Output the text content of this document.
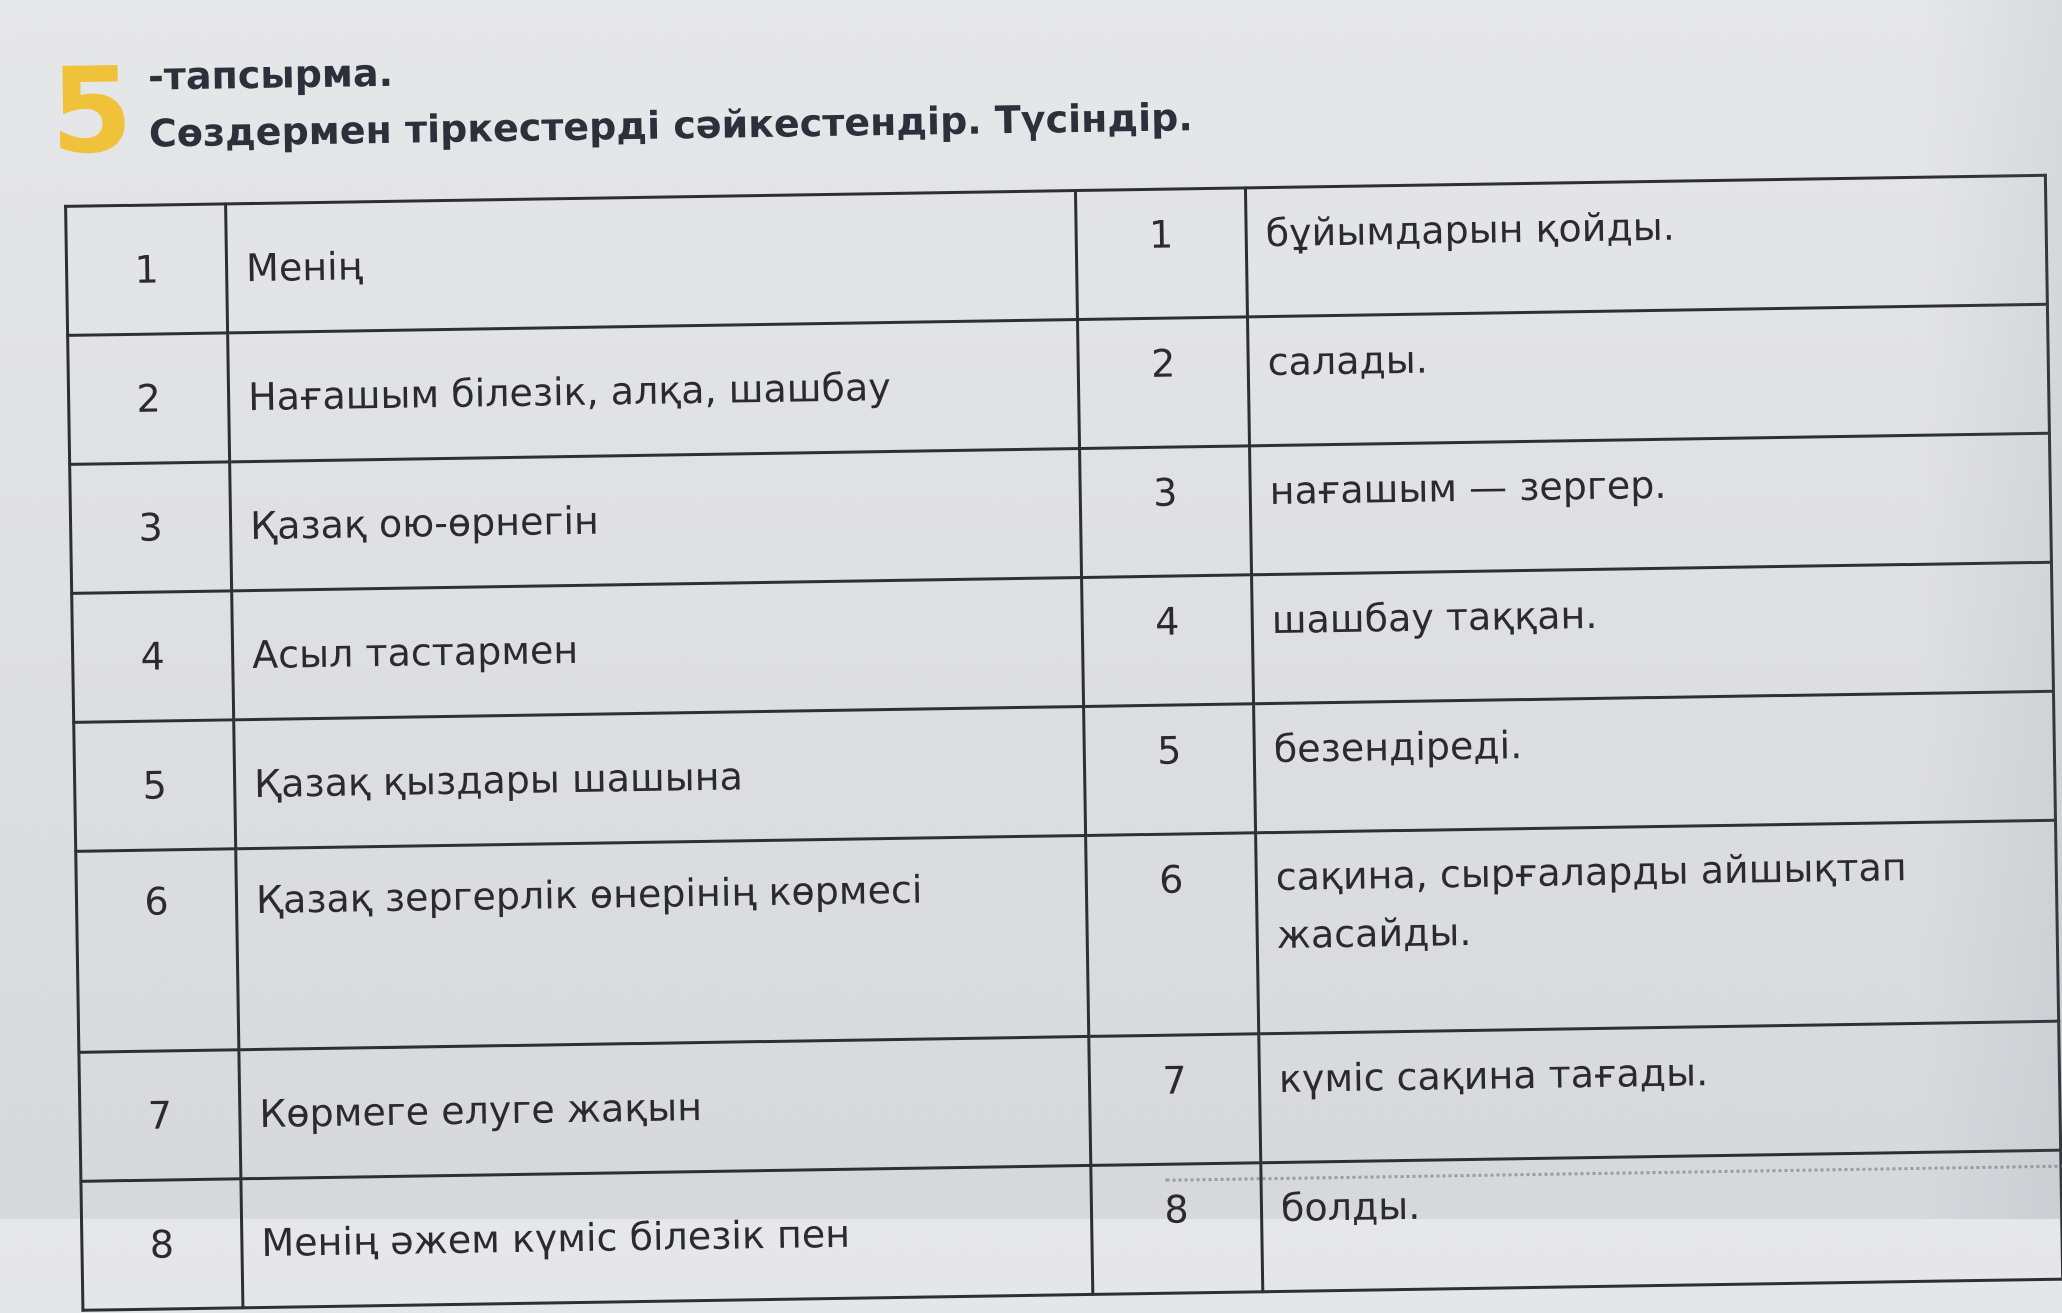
5 -тапсырма.
Сөздермен тіркестерді сәйкестендір. Түсіндір.
1	Менің	1	бұйымдарын қойды.
2	Нағашым білезік, алқа, шашбау	2	салады.
3	Қазақ ою-өрнегін	3	нағашым — зергер.
4	Асыл тастармен	4	шашбау таққан.
5	Қазақ қыздары шашына	5	безендіреді.
6	Қазақ зергерлік өнерінің көрмесі	6	сақина, сырғаларды айшықтап жасайды.
7	Көрмеге елуге жақын	7	күміс сақина тағады.
8	Менің әжем күміс білезік пен	8	болды.
